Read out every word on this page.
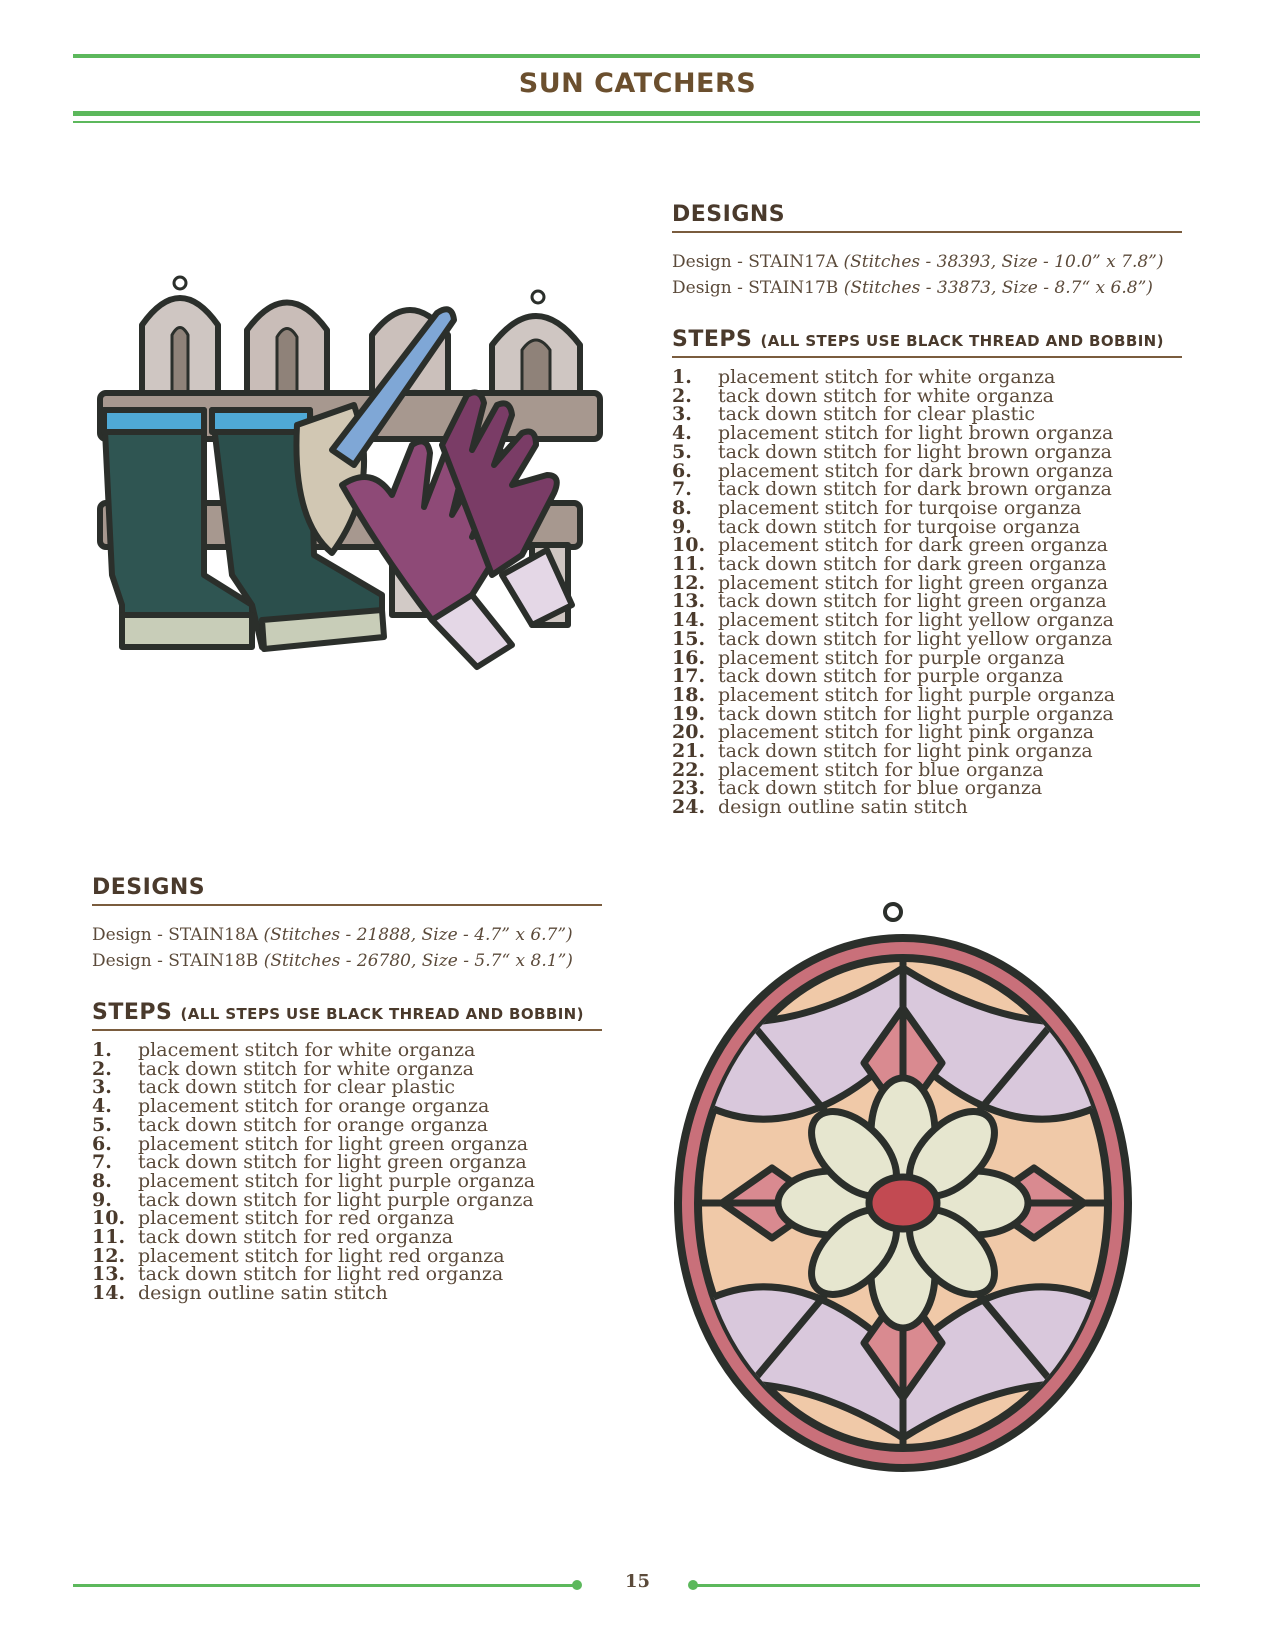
SUN CATCHERS
DESIGNS
Design - STAIN17A (Stitches - 38393, Size - 10.0” x 7.8”)
Design - STAIN17B (Stitches - 33873, Size - 8.7“ x 6.8”)
STEPS (ALL STEPS USE BLACK THREAD AND BOBBIN)
1.	placement stitch for white organza
2.	tack down stitch for white organza
3.	tack down stitch for clear plastic
4.	placement stitch for light brown organza
5.	tack down stitch for light brown organza
6.	placement stitch for dark brown organza
7.	tack down stitch for dark brown organza
8.	placement stitch for turqoise organza
9.	tack down stitch for turqoise organza
10. placement stitch for dark green organza
11. tack down stitch for dark green organza
12. placement stitch for light green organza
13. tack down stitch for light green organza
14. placement stitch for light yellow organza
15. tack down stitch for light yellow organza
16. placement stitch for purple organza
17. tack down stitch for purple organza
18. placement stitch for light purple organza
19. tack down stitch for light purple organza
20. placement stitch for light pink organza
21. tack down stitch for light pink organza
22. placement stitch for blue organza
23. tack down stitch for blue organza
24. design outline satin stitch
DESIGNS
Design - STAIN18A (Stitches - 21888, Size - 4.7” x 6.7”)
Design - STAIN18B (Stitches - 26780, Size - 5.7“ x 8.1”)
STEPS (ALL STEPS USE BLACK THREAD AND BOBBIN)
1.	placement stitch for white organza
2.	tack down stitch for white organza
3.	tack down stitch for clear plastic
4.	placement stitch for orange organza
5.	tack down stitch for orange organza
6.	placement stitch for light green organza
7.	tack down stitch for light green organza
8.	placement stitch for light purple organza
9.	tack down stitch for light purple organza
10. placement stitch for red organza
11. tack down stitch for red organza
12. placement stitch for light red organza
13. tack down stitch for light red organza
14. design outline satin stitch
15
